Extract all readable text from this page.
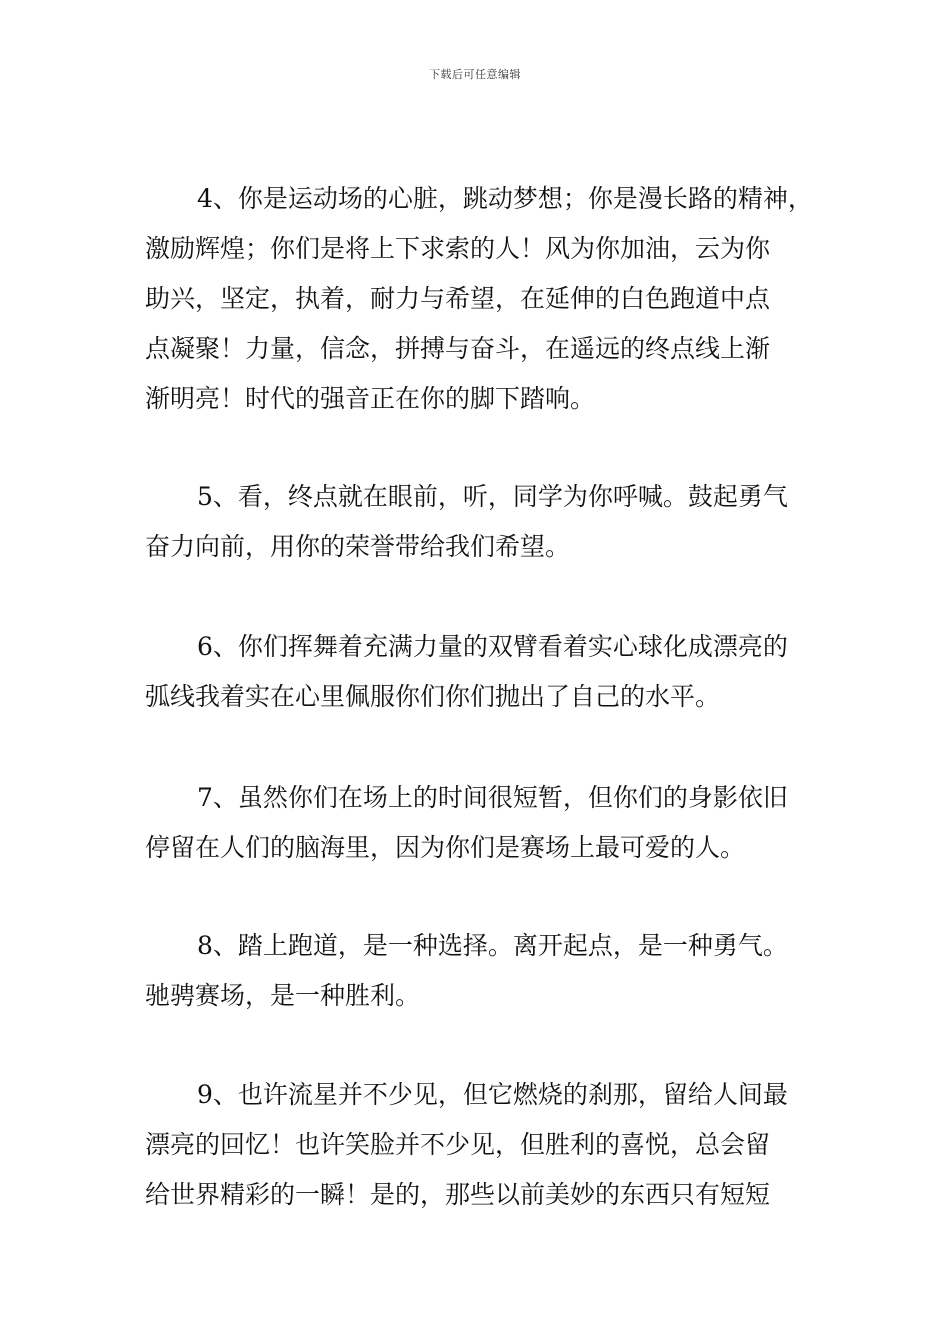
下载后可任意编辑
4、你是运动场的心脏，跳动梦想；你是漫长路的精神，
激励辉煌；你们是将上下求索的人！风为你加油，云为你
助兴，坚定，执着，耐力与希望，在延伸的白色跑道中点
点凝聚！力量，信念，拼搏与奋斗，在遥远的终点线上渐
渐明亮！时代的强音正在你的脚下踏响。
5、看，终点就在眼前，听，同学为你呼喊。鼓起勇气
奋力向前，用你的荣誉带给我们希望。
6、你们挥舞着充满力量的双臂看着实心球化成漂亮的
弧线我着实在心里佩服你们你们抛出了自己的水平。
7、虽然你们在场上的时间很短暂，但你们的身影依旧
停留在人们的脑海里，因为你们是赛场上最可爱的人。
8、踏上跑道，是一种选择。离开起点，是一种勇气。
驰骋赛场，是一种胜利。
9、也许流星并不少见，但它燃烧的刹那，留给人间最
漂亮的回忆！也许笑脸并不少见，但胜利的喜悦，总会留
给世界精彩的一瞬！是的，那些以前美妙的东西只有短短
